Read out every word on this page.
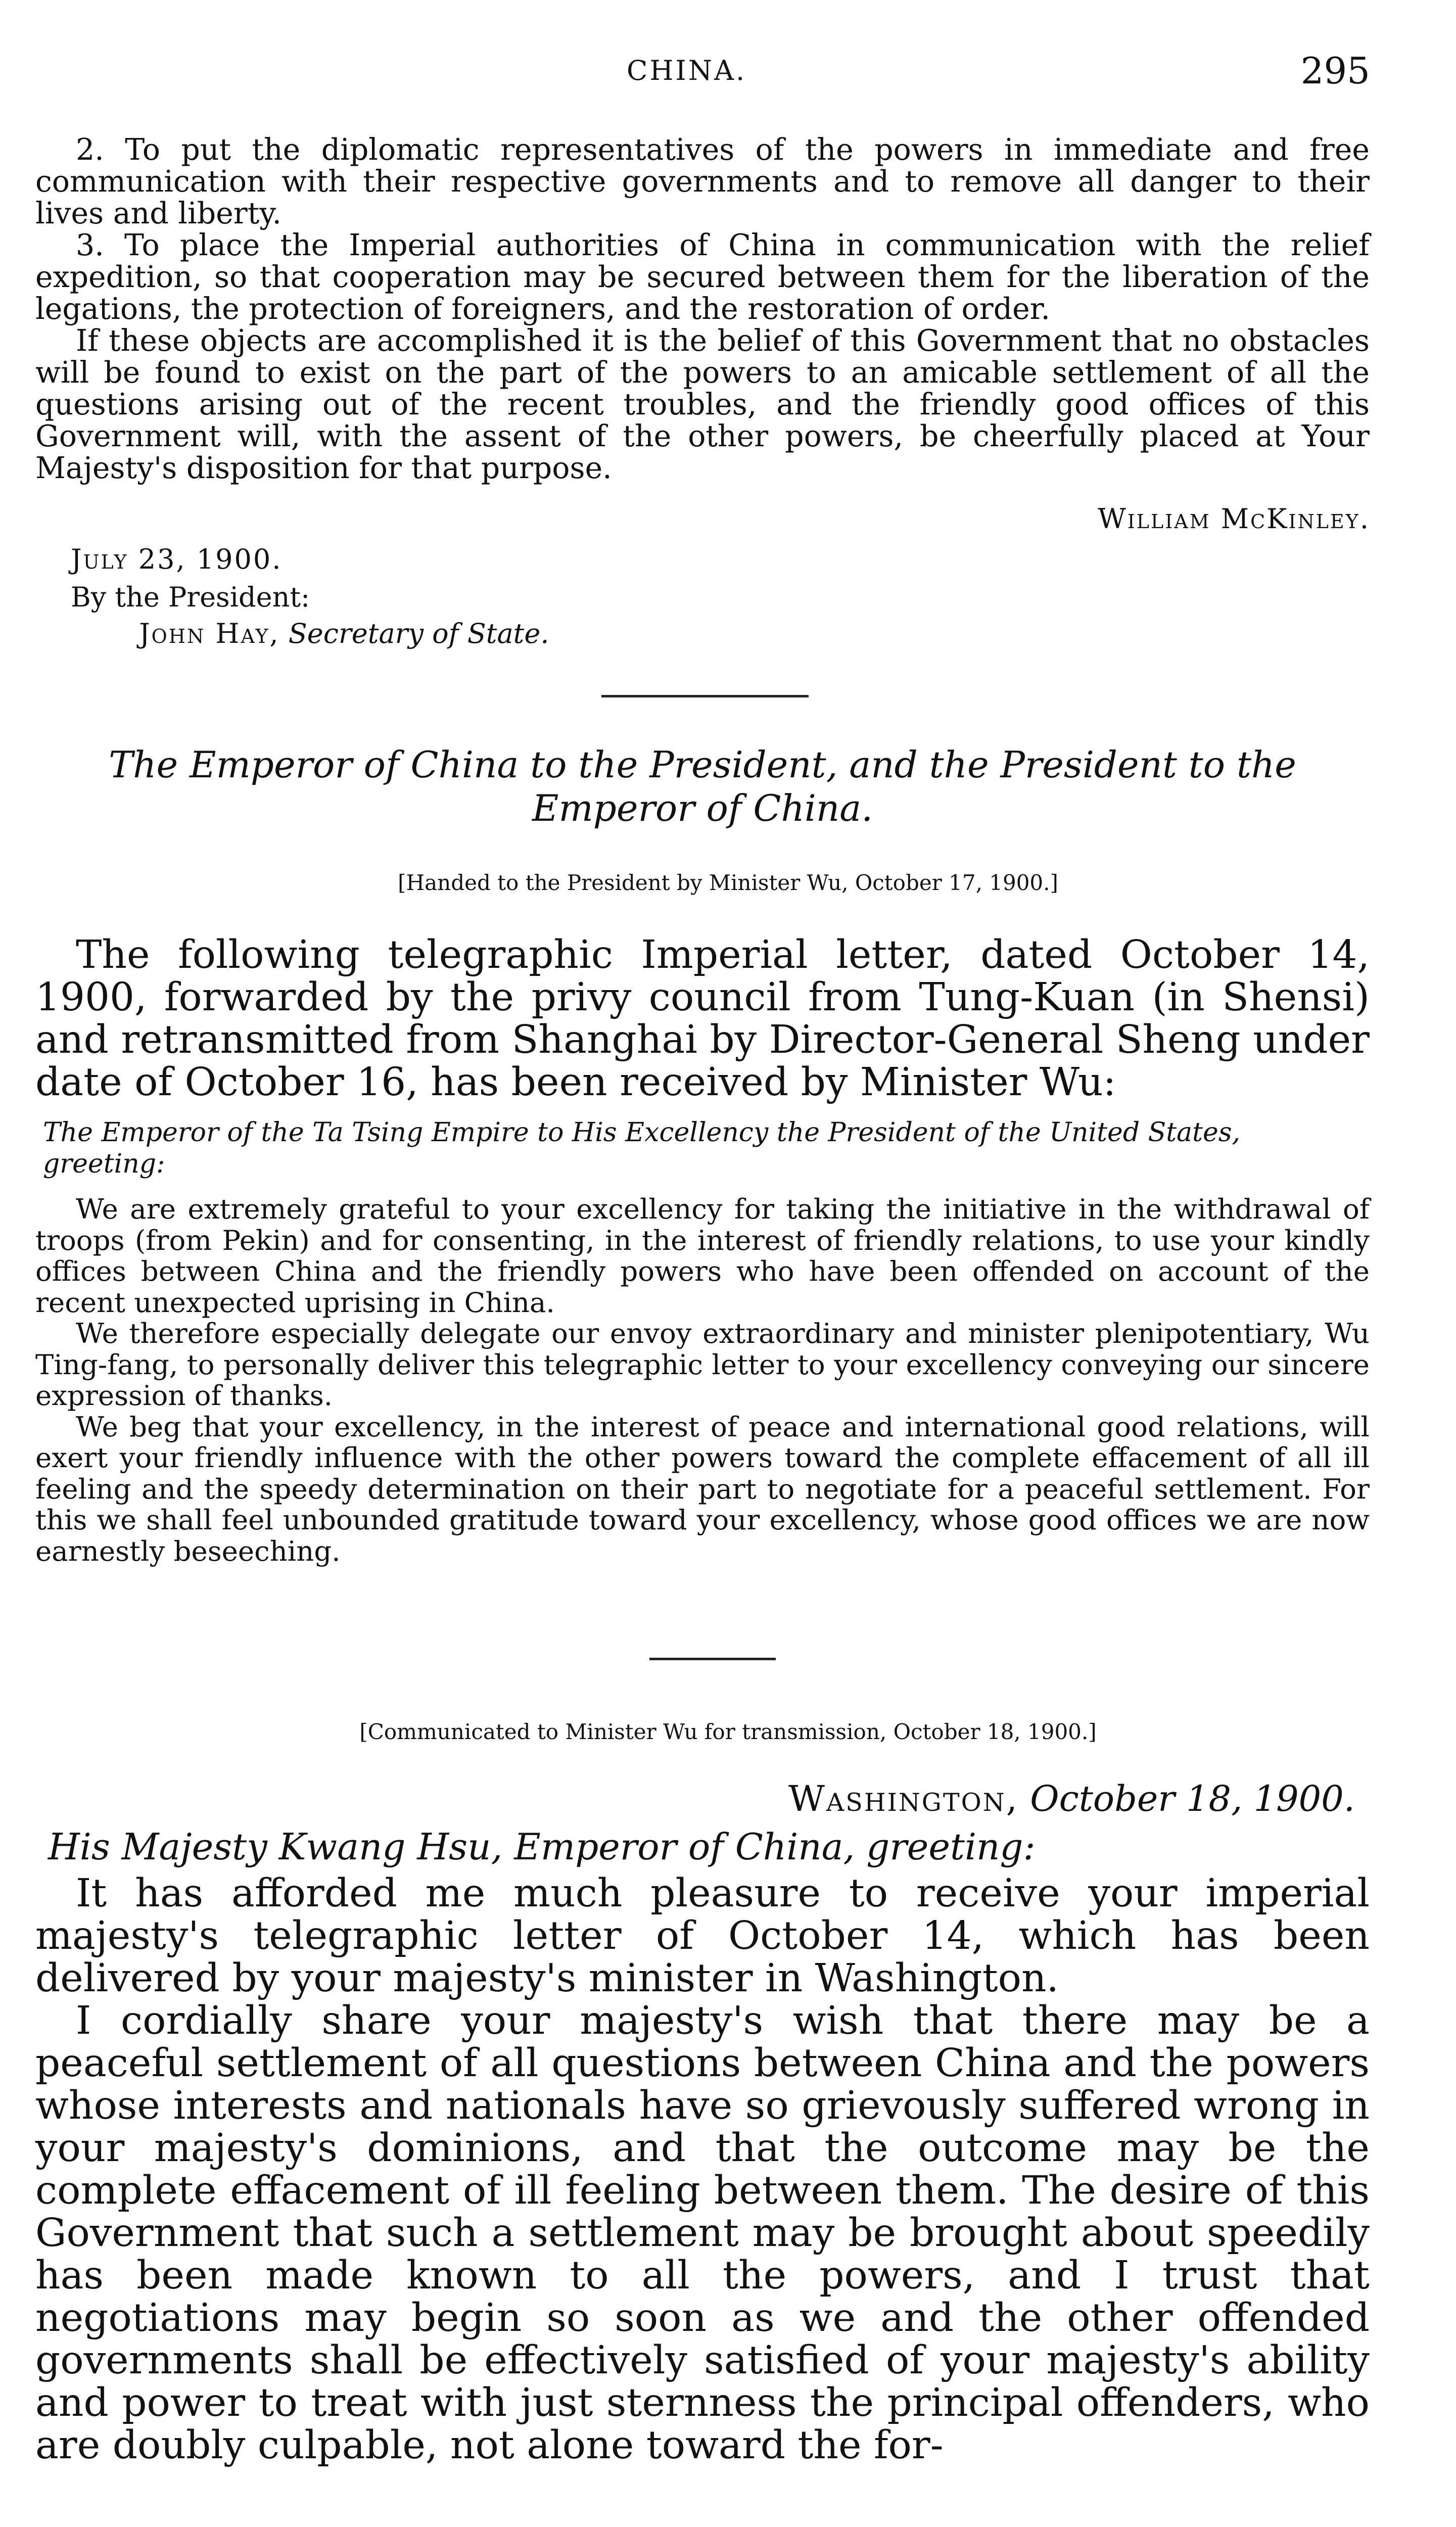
CHINA.	295

2. To put the diplomatic representatives of the powers in immediate and free communication with their respective governments and to remove all danger to their lives and liberty.

3. To place the Imperial authorities of China in communication with the relief expedition, so that cooperation may be secured between them for the liberation of the legations, the protection of foreigners, and the restoration of order.

If these objects are accomplished it is the belief of this Government that no obstacles will be found to exist on the part of the powers to an amicable settlement of all the questions arising out of the recent troubles, and the friendly good offices of this Government will, with the assent of the other powers, be cheerfully placed at Your Majesty's disposition for that purpose.

William McKinley.
July 23, 1900.
By the President:
John Hay, Secretary of State.
The Emperor of China to the President, and the President to the Emperor of China.
[Handed to the President by Minister Wu, October 17, 1900.]

The following telegraphic Imperial letter, dated October 14, 1900, forwarded by the privy council from Tung-Kuan (in Shensi) and retransmitted from Shanghai by Director-General Sheng under date of October 16, has been received by Minister Wu:

The Emperor of the Ta Tsing Empire to His Excellency the President of the United States, greeting:

We are extremely grateful to your excellency for taking the initiative in the withdrawal of troops (from Pekin) and for consenting, in the interest of friendly relations, to use your kindly offices between China and the friendly powers who have been offended on account of the recent unexpected uprising in China.

We therefore especially delegate our envoy extraordinary and minister plenipotentiary, Wu Ting-fang, to personally deliver this telegraphic letter to your excellency conveying our sincere expression of thanks.

We beg that your excellency, in the interest of peace and international good relations, will exert your friendly influence with the other powers toward the complete effacement of all ill feeling and the speedy determination on their part to negotiate for a peaceful settlement. For this we shall feel unbounded gratitude toward your excellency, whose good offices we are now earnestly beseeching.

[Communicated to Minister Wu for transmission, October 18, 1900.]
Washington, October 18, 1900.
His Majesty Kwang Hsu, Emperor of China, greeting:

It has afforded me much pleasure to receive your imperial majesty's telegraphic letter of October 14, which has been delivered by your majesty's minister in Washington.

I cordially share your majesty's wish that there may be a peaceful settlement of all questions between China and the powers whose interests and nationals have so grievously suffered wrong in your majesty's dominions, and that the outcome may be the complete effacement of ill feeling between them. The desire of this Government that such a settlement may be brought about speedily has been made known to all the powers, and I trust that negotiations may begin so soon as we and the other offended governments shall be effectively satisfied of your majesty's ability and power to treat with just sternness the principal offenders, who are doubly culpable, not alone toward the for-
